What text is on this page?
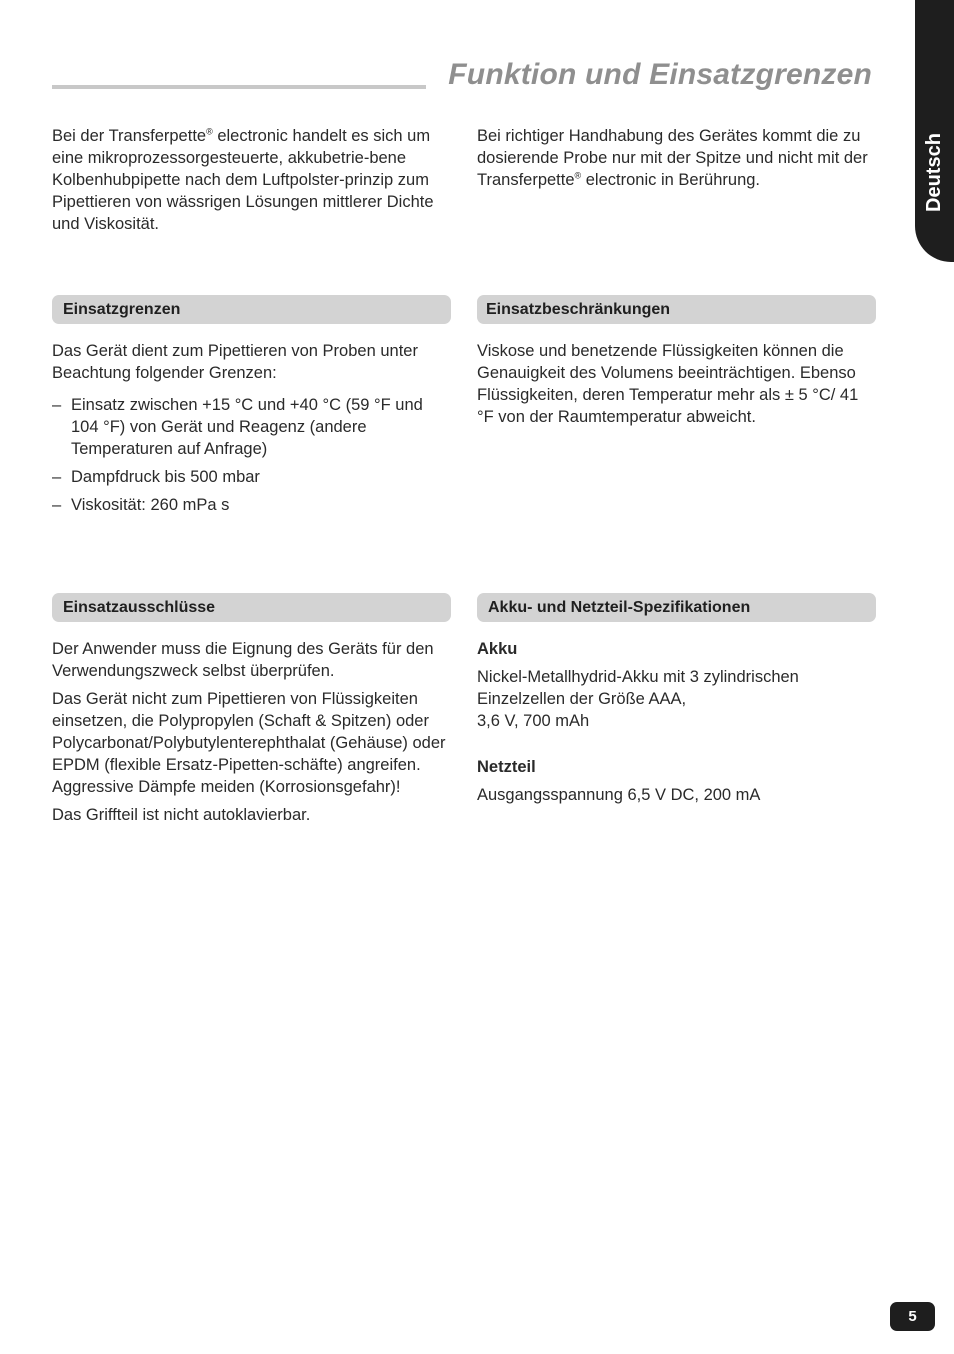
Funktion und Einsatzgrenzen
Deutsch

Bei der Transferpette® electronic handelt es sich um eine mikroprozessorgesteuerte, akkubetrie-bene Kolbenhubpipette nach dem Luftpolster-prinzip zum Pipettieren von wässrigen Lösungen mittlerer Dichte und Viskosität.

Bei richtiger Handhabung des Gerätes kommt die zu dosierende Probe nur mit der Spitze und nicht mit der Transferpette® electronic in Berührung.

Einsatzgrenzen	Einsatzbeschränkungen

Das Gerät dient zum Pipettieren von Proben unter Beachtung folgender Grenzen:

– Einsatz zwischen +15 °C und +40 °C (59 °F und 104 °F) von Gerät und Reagenz (andere Temperaturen auf Anfrage)
– Dampfdruck bis 500 mbar
– Viskosität: 260 mPa s

Viskose und benetzende Flüssigkeiten können die Genauigkeit des Volumens beeinträchtigen. Ebenso Flüssigkeiten, deren Temperatur mehr als ± 5 °C/ 41 °F von der Raumtemperatur abweicht.

Einsatzausschlüsse	Akku- und Netzteil-Spezifikationen

Der Anwender muss die Eignung des Geräts für den Verwendungszweck selbst überprüfen.

Das Gerät nicht zum Pipettieren von Flüssigkeiten einsetzen, die Polypropylen (Schaft & Spitzen) oder Polycarbonat/Polybutylenterephthalat (Gehäuse) oder EPDM (flexible Ersatz-Pipetten-schäfte) angreifen. Aggressive Dämpfe meiden (Korrosionsgefahr)!

Das Griffteil ist nicht autoklavierbar.

Akku

Nickel-Metallhydrid-Akku mit 3 zylindrischen
Einzelzellen der Größe AAA,
3,6 V, 700 mAh

Netzteil

Ausgangsspannung 6,5 V DC, 200 mA

5
